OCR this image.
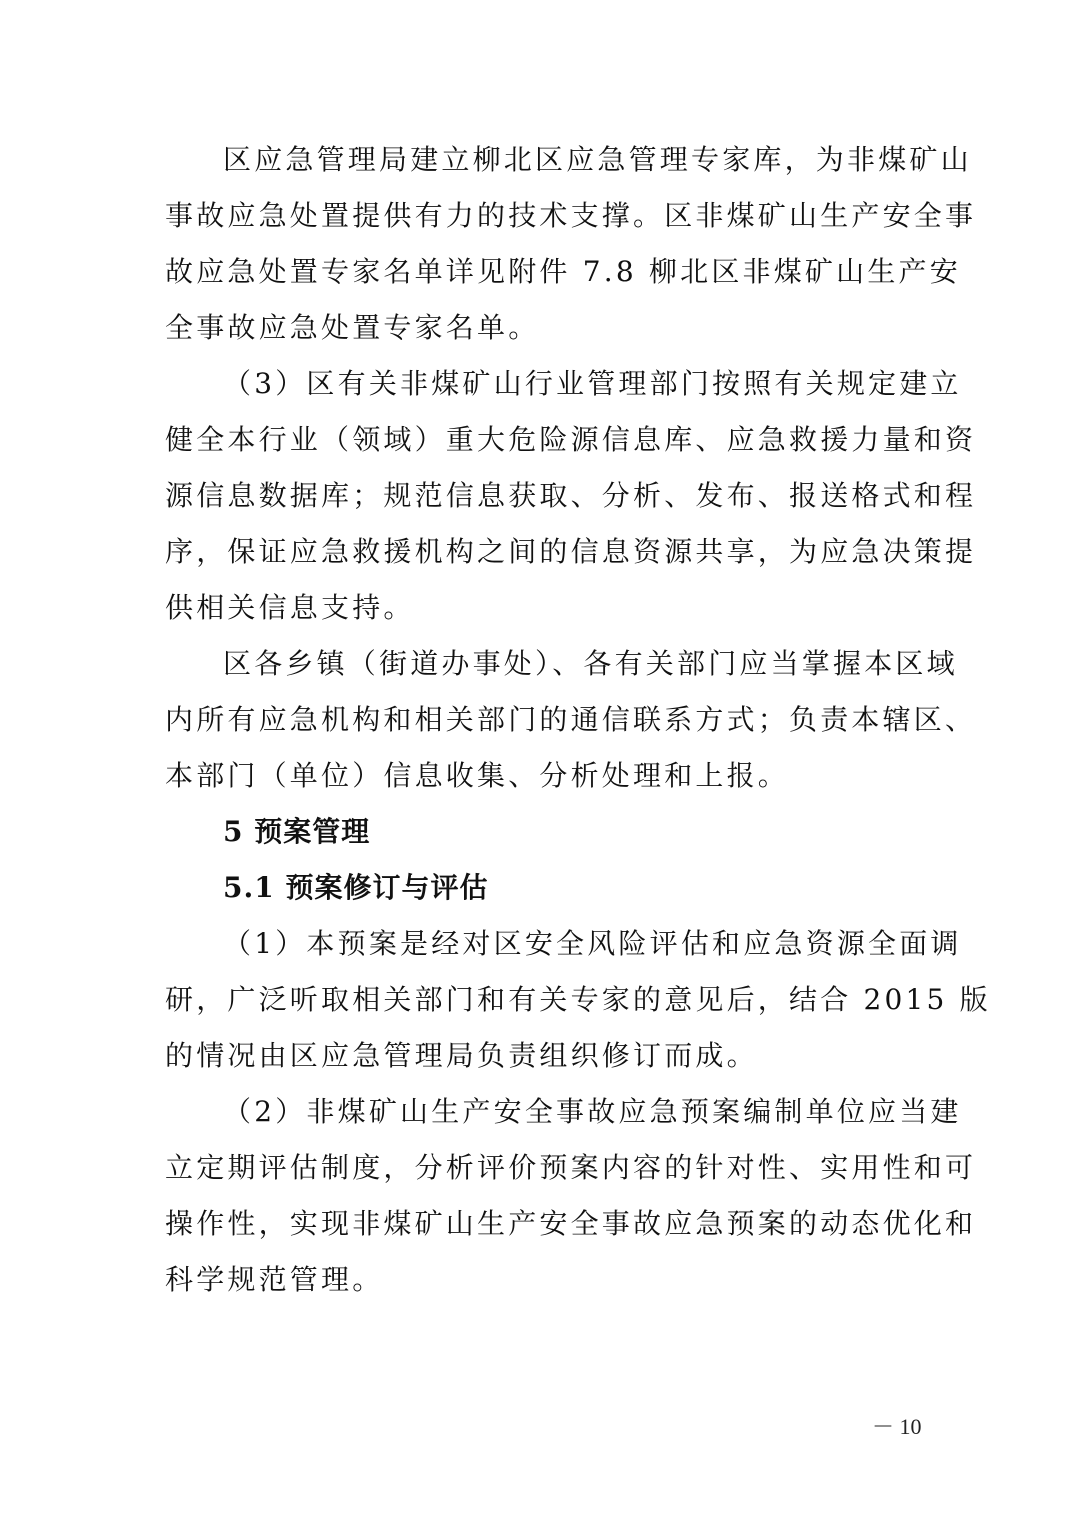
区应急管理局建立柳北区应急管理专家库，为非煤矿山
事故应急处置提供有力的技术支撑。区非煤矿山生产安全事
故应急处置专家名单详见附件 7.8 柳北区非煤矿山生产安
全事故应急处置专家名单。
（3）区有关非煤矿山行业管理部门按照有关规定建立
健全本行业（领域）重大危险源信息库、应急救援力量和资
源信息数据库；规范信息获取、分析、发布、报送格式和程
序，保证应急救援机构之间的信息资源共享，为应急决策提
供相关信息支持。
区各乡镇（街道办事处）、各有关部门应当掌握本区域
内所有应急机构和相关部门的通信联系方式；负责本辖区、
本部门（单位）信息收集、分析处理和上报。
5 预案管理
5.1 预案修订与评估
（1）本预案是经对区安全风险评估和应急资源全面调
研，广泛听取相关部门和有关专家的意见后，结合 2015 版
的情况由区应急管理局负责组织修订而成。
（2）非煤矿山生产安全事故应急预案编制单位应当建
立定期评估制度，分析评价预案内容的针对性、实用性和可
操作性，实现非煤矿山生产安全事故应急预案的动态优化和
科学规范管理。
－ 10
